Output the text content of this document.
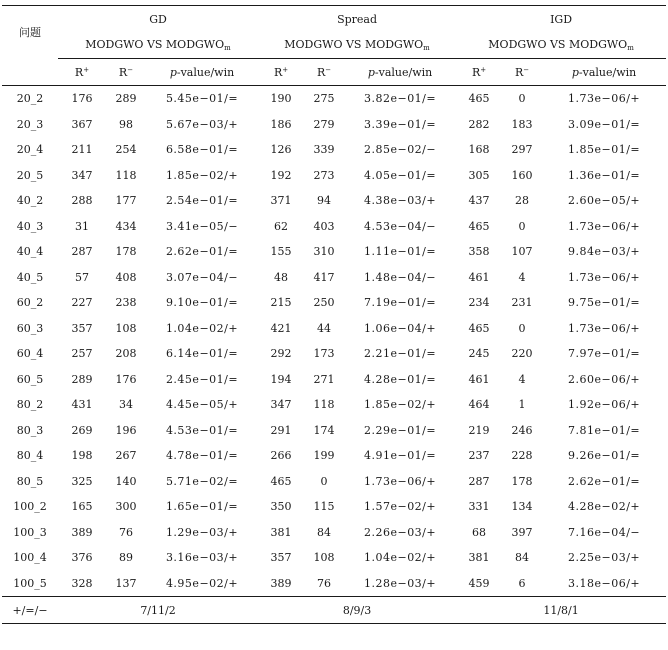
问题	GD			Spread			IGD		
	MODGWO VS $MODGWO_m$			MODGWO VS $MODGWO_m$			MODGWO VS $MODGWO_m$
	R+	R−	p-value/win	R+	R−	p-value/win	R+	R−	p-value/win
20_2	176	289	5.45e−01/=	190	275	3.82e−01/=	465	0	1.73e−06/+
20_3	367	98	5.67e−03/+	186	279	3.39e−01/=	282	183	3.09e−01/=
20_4	211	254	6.58e−01/=	126	339	2.85e−02/−	168	297	1.85e−01/=
20_5	347	118	1.85e−02/+	192	273	4.05e−01/=	305	160	1.36e−01/=
40_2	288	177	2.54e−01/=	371	94	4.38e−03/+	437	28	2.60e−05/+
40_3	31	434	3.41e−05/−	62	403	4.53e−04/−	465	0	1.73e−06/+
40_4	287	178	2.62e−01/=	155	310	1.11e−01/=	358	107	9.84e−03/+
40_5	57	408	3.07e−04/−	48	417	1.48e−04/−	461	4	1.73e−06/+
60_2	227	238	9.10e−01/=	215	250	7.19e−01/=	234	231	9.75e−01/=
60_3	357	108	1.04e−02/+	421	44	1.06e−04/+	465	0	1.73e−06/+
60_4	257	208	6.14e−01/=	292	173	2.21e−01/=	245	220	7.97e−01/=
60_5	289	176	2.45e−01/=	194	271	4.28e−01/=	461	4	2.60e−06/+
80_2	431	34	4.45e−05/+	347	118	1.85e−02/+	464	1	1.92e−06/+
80_3	269	196	4.53e−01/=	291	174	2.29e−01/=	219	246	7.81e−01/=
80_4	198	267	4.78e−01/=	266	199	4.91e−01/=	237	228	9.26e−01/=
80_5	325	140	5.71e−02/=	465	0	1.73e−06/+	287	178	2.62e−01/=
100_2	165	300	1.65e−01/=	350	115	1.57e−02/+	331	134	4.28e−02/+
100_3	389	76	1.29e−03/+	381	84	2.26e−03/+	68	397	7.16e−04/−
100_4	376	89	3.16e−03/+	357	108	1.04e−02/+	381	84	2.25e−03/+
100_5	328	137	4.95e−02/+	389	76	1.28e−03/+	459	6	3.18e−06/+
+/=/−	7/11/2			8/9/3			11/8/1		
